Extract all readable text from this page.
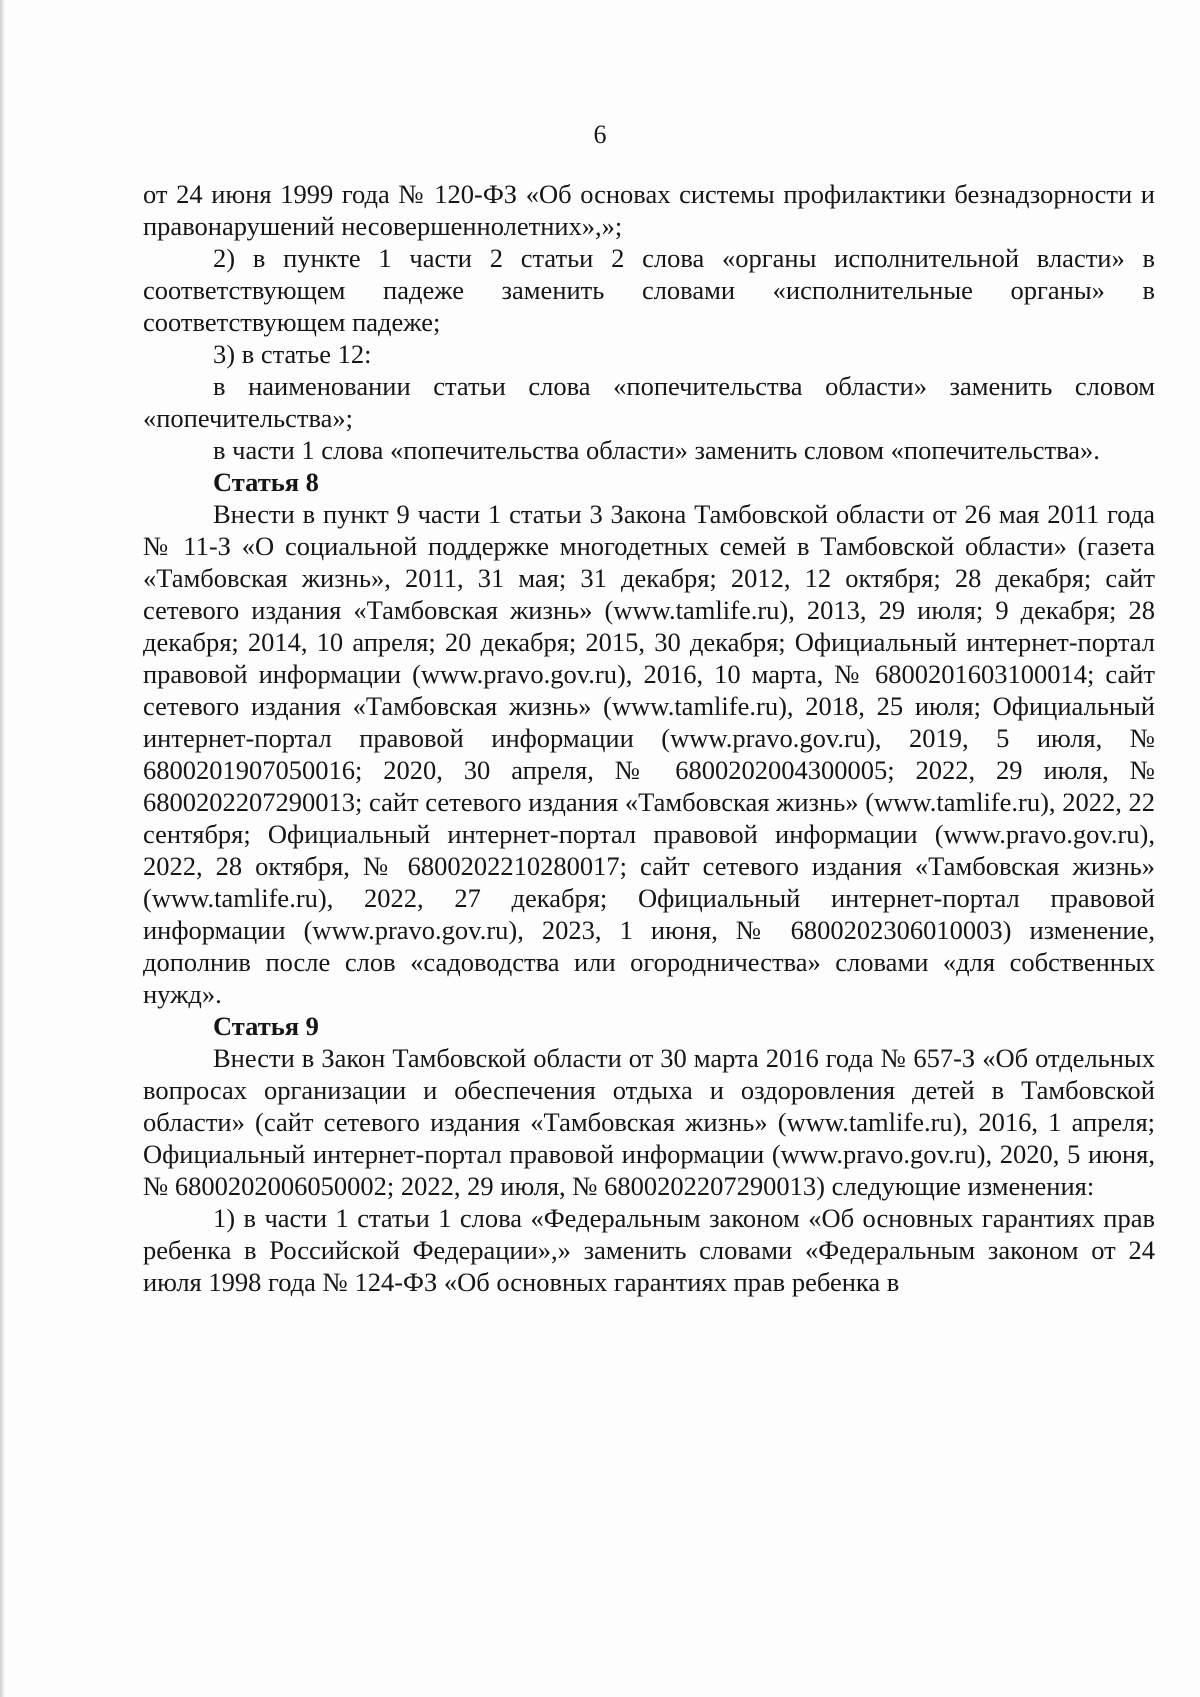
6

от 24 июня 1999 года № 120-ФЗ «Об основах системы профилактики безнадзорности и правонарушений несовершеннолетних»,»;

2) в пункте 1 части 2 статьи 2 слова «органы исполнительной власти» в соответствующем падеже заменить словами «исполнительные органы» в соответствующем падеже;

3) в статье 12:

в наименовании статьи слова «попечительства области» заменить словом «попечительства»;

в части 1 слова «попечительства области» заменить словом «попечительства».

Статья 8

Внести в пункт 9 части 1 статьи 3 Закона Тамбовской области от 26 мая 2011 года № 11-З «О социальной поддержке многодетных семей в Тамбовской области» (газета «Тамбовская жизнь», 2011, 31 мая; 31 декабря; 2012, 12 октября; 28 декабря; сайт сетевого издания «Тамбовская жизнь» (www.tamlife.ru), 2013, 29 июля; 9 декабря; 28 декабря; 2014, 10 апреля; 20 декабря; 2015, 30 декабря; Официальный интернет-портал правовой информации (www.pravo.gov.ru), 2016, 10 марта, № 6800201603100014; сайт сетевого издания «Тамбовская жизнь» (www.tamlife.ru), 2018, 25 июля; Официальный интернет-портал правовой информации (www.pravo.gov.ru), 2019, 5 июля, № 6800201907050016; 2020, 30 апреля, № 6800202004300005; 2022, 29 июля, № 6800202207290013; сайт сетевого издания «Тамбовская жизнь» (www.tamlife.ru), 2022, 22 сентября; Официальный интернет-портал правовой информации (www.pravo.gov.ru), 2022, 28 октября, № 6800202210280017; сайт сетевого издания «Тамбовская жизнь» (www.tamlife.ru), 2022, 27 декабря; Официальный интернет-портал правовой информации (www.pravo.gov.ru), 2023, 1 июня, № 6800202306010003) изменение, дополнив после слов «садоводства или огородничества» словами «для собственных нужд».

Статья 9

Внести в Закон Тамбовской области от 30 марта 2016 года № 657-З «Об отдельных вопросах организации и обеспечения отдыха и оздоровления детей в Тамбовской области» (сайт сетевого издания «Тамбовская жизнь» (www.tamlife.ru), 2016, 1 апреля; Официальный интернет-портал правовой информации (www.pravo.gov.ru), 2020, 5 июня, № 6800202006050002; 2022, 29 июля, № 6800202207290013) следующие изменения:

1) в части 1 статьи 1 слова «Федеральным законом «Об основных гарантиях прав ребенка в Российской Федерации»,» заменить словами «Федеральным законом от 24 июля 1998 года № 124-ФЗ «Об основных гарантиях прав ребенка в
